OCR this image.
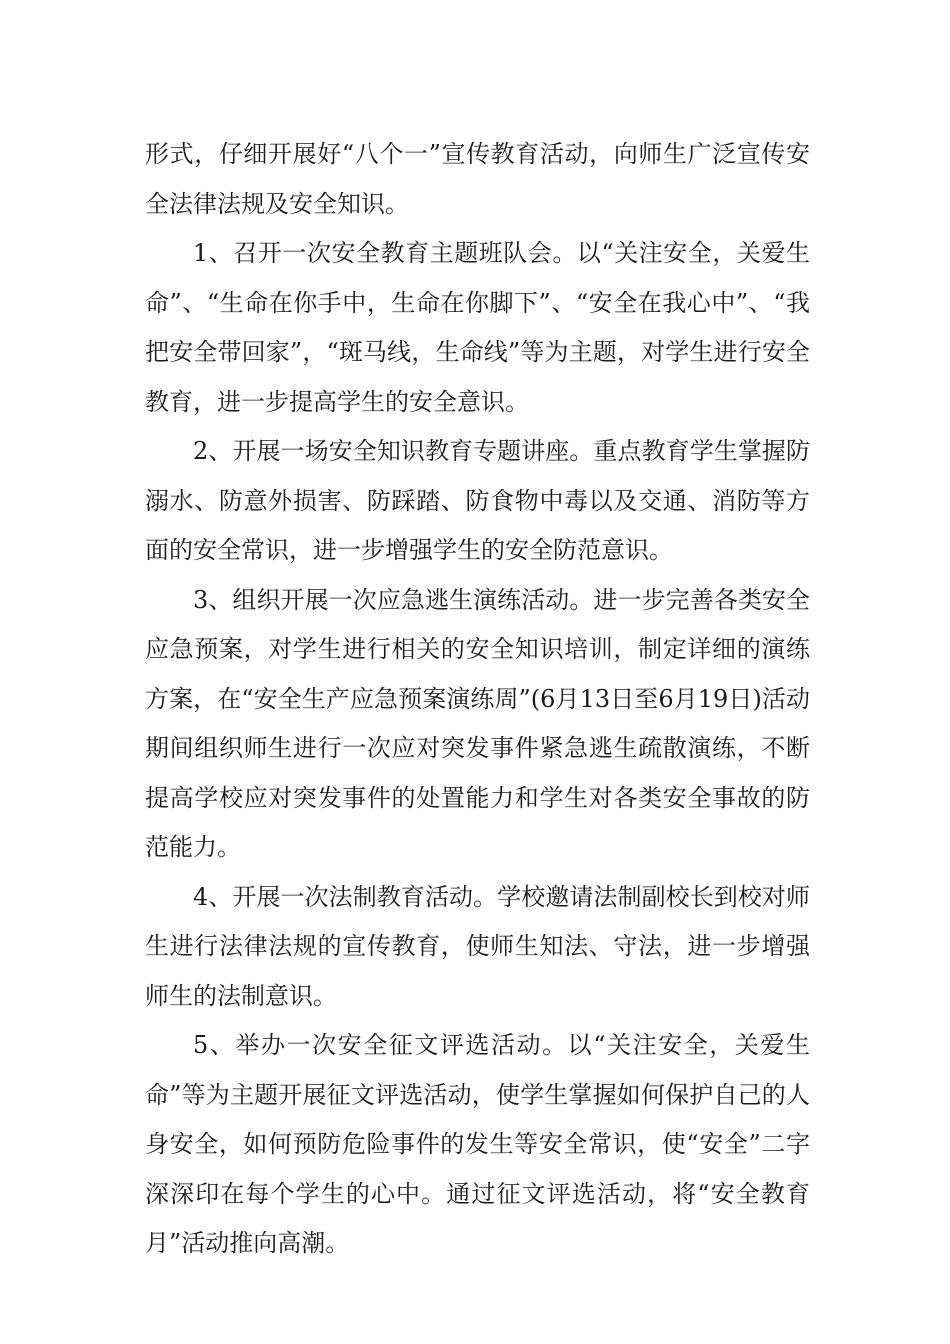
形式，仔细开展好“八个一”宣传教育活动，向师生广泛宣传安全法律法规及安全知识。

1、召开一次安全教育主题班队会。以“关注安全，关爱生命”、“生命在你手中，生命在你脚下”、“安全在我心中”、“我把安全带回家”，“斑马线，生命线”等为主题，对学生进行安全教育，进一步提高学生的安全意识。

2、开展一场安全知识教育专题讲座。重点教育学生掌握防溺水、防意外损害、防踩踏、防食物中毒以及交通、消防等方面的安全常识，进一步增强学生的安全防范意识。

3、组织开展一次应急逃生演练活动。进一步完善各类安全应急预案，对学生进行相关的安全知识培训，制定详细的演练方案，在“安全生产应急预案演练周”(6月13日至6月19日)活动期间组织师生进行一次应对突发事件紧急逃生疏散演练，不断提高学校应对突发事件的处置能力和学生对各类安全事故的防范能力。

4、开展一次法制教育活动。学校邀请法制副校长到校对师生进行法律法规的宣传教育，使师生知法、守法，进一步增强师生的法制意识。

5、举办一次安全征文评选活动。以“关注安全，关爱生命”等为主题开展征文评选活动，使学生掌握如何保护自己的人身安全，如何预防危险事件的发生等安全常识，使“安全”二字深深印在每个学生的心中。通过征文评选活动，将“安全教育月”活动推向高潮。
